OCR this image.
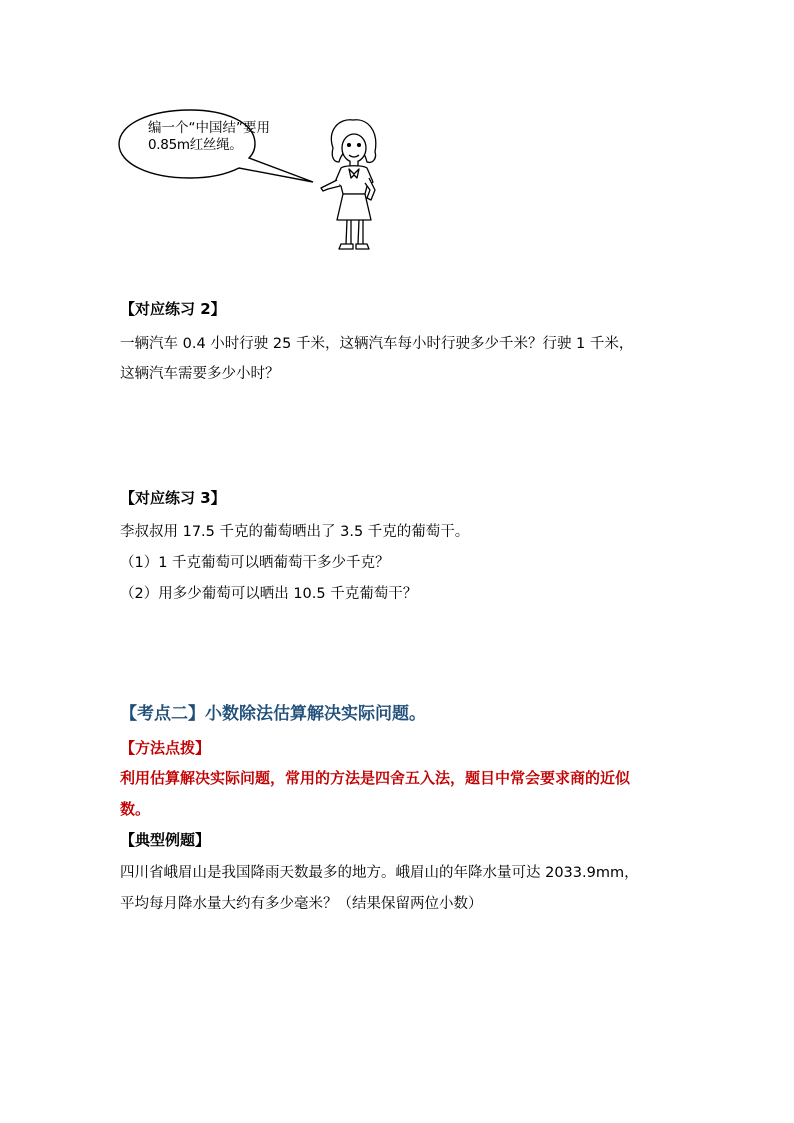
编一个“中国结”要用
0.85m红丝绳。
【对应练习 2】
一辆汽车 0.4 小时行驶 25 千米，这辆汽车每小时行驶多少千米？行驶 1 千米，
这辆汽车需要多少小时？
【对应练习 3】
李叔叔用 17.5 千克的葡萄晒出了 3.5 千克的葡萄干。
（1）1 千克葡萄可以晒葡萄干多少千克？
（2）用多少葡萄可以晒出 10.5 千克葡萄干？
【考点二】小数除法估算解决实际问题。
【方法点拨】
利用估算解决实际问题，常用的方法是四舍五入法，题目中常会要求商的近似
数。
【典型例题】
四川省峨眉山是我国降雨天数最多的地方。峨眉山的年降水量可达 2033.9mm，
平均每月降水量大约有多少毫米？（结果保留两位小数）
